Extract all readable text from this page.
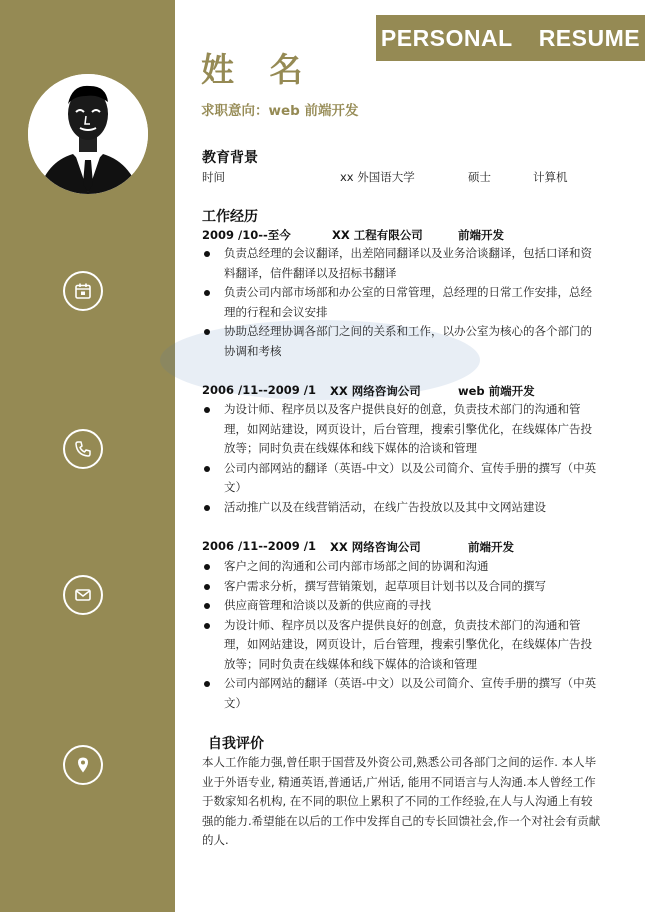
PERSONAL RESUME
姓 名
求职意向：web 前端开发
教育背景
时间	xx 外国语大学	硕士	计算机
工作经历
2009 /10--至今	XX 工程有限公司	前端开发
负责总经理的会议翻译，出差陪同翻译以及业务洽谈翻译，包括口译和资料翻译，信件翻译以及招标书翻译
负责公司内部市场部和办公室的日常管理，总经理的日常工作安排，总经理的行程和会议安排
协助总经理协调各部门之间的关系和工作，以办公室为核心的各个部门的协调和考核
2006 /11--2009 /1 XX 网络咨询公司	web 前端开发
为设计师、程序员以及客户提供良好的创意，负责技术部门的沟通和管理，如网站建设，网页设计，后台管理，搜索引擎优化，在线媒体广告投放等；同时负责在线媒体和线下媒体的洽谈和管理
公司内部网站的翻译（英语-中文）以及公司简介、宣传手册的撰写（中英文）
活动推广以及在线营销活动，在线广告投放以及其中文网站建设
2006 /11--2009 /1 XX 网络咨询公司	前端开发
客户之间的沟通和公司内部市场部之间的协调和沟通
客户需求分析，撰写营销策划，起草项目计划书以及合同的撰写
供应商管理和洽谈以及新的供应商的寻找
为设计师、程序员以及客户提供良好的创意，负责技术部门的沟通和管理，如网站建设，网页设计，后台管理，搜索引擎优化，在线媒体广告投放等；同时负责在线媒体和线下媒体的洽谈和管理
公司内部网站的翻译（英语-中文）以及公司简介、宣传手册的撰写（中英文）
自我评价
本人工作能力强,曾任职于国营及外资公司,熟悉公司各部门之间的运作. 本人毕业于外语专业, 精通英语,普通话,广州话, 能用不同语言与人沟通.本人曾经工作于数家知名机构, 在不同的职位上累积了不同的工作经验,在人与人沟通上有较强的能力.希望能在以后的工作中发挥自己的专长回馈社会,作一个对社会有贡献的人.
